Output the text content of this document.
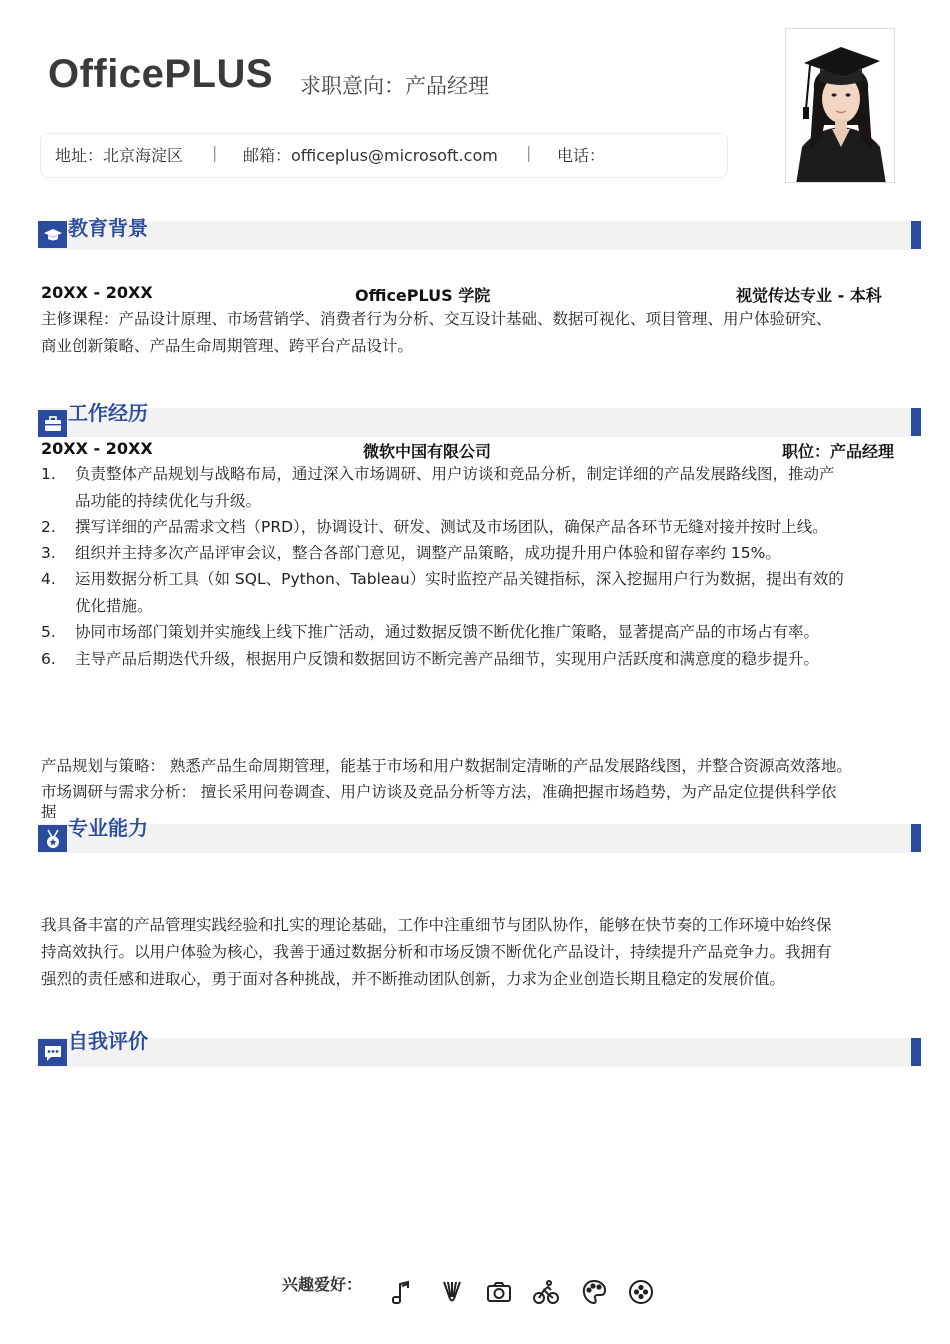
OfficePLUS 求职意向：产品经理
地址：北京海淀区 | 邮箱：officeplus@microsoft.com | 电话：
教育背景
20XX - 20XX	OfficePLUS 学院	视觉传达专业 - 本科
主修课程：产品设计原理、市场营销学、消费者行为分析、交互设计基础、数据可视化、项目管理、用户体验研究、
商业创新策略、产品生命周期管理、跨平台产品设计。
工作经历
20XX - 20XX	微软中国有限公司	职位：产品经理
1. 负责整体产品规划与战略布局，通过深入市场调研、用户访谈和竞品分析，制定详细的产品发展路线图，推动产
品功能的持续优化与升级。
2. 撰写详细的产品需求文档（PRD），协调设计、研发、测试及市场团队，确保产品各环节无缝对接并按时上线。
3. 组织并主持多次产品评审会议，整合各部门意见，调整产品策略，成功提升用户体验和留存率约 15%。
4. 运用数据分析工具（如 SQL、Python、Tableau）实时监控产品关键指标，深入挖掘用户行为数据，提出有效的
优化措施。
5. 协同市场部门策划并实施线上线下推广活动，通过数据反馈不断优化推广策略，显著提高产品的市场占有率。
6. 主导产品后期迭代升级，根据用户反馈和数据回访不断完善产品细节，实现用户活跃度和满意度的稳步提升。
产品规划与策略： 熟悉产品生命周期管理，能基于市场和用户数据制定清晰的产品发展路线图，并整合资源高效落地。
市场调研与需求分析： 擅长采用问卷调查、用户访谈及竞品分析等方法，准确把握市场趋势，为产品定位提供科学依
据
专业能力
我具备丰富的产品管理实践经验和扎实的理论基础，工作中注重细节与团队协作，能够在快节奏的工作环境中始终保
持高效执行。以用户体验为核心，我善于通过数据分析和市场反馈不断优化产品设计，持续提升产品竞争力。我拥有
强烈的责任感和进取心，勇于面对各种挑战，并不断推动团队创新，力求为企业创造长期且稳定的发展价值。
自我评价
兴趣爱好：
